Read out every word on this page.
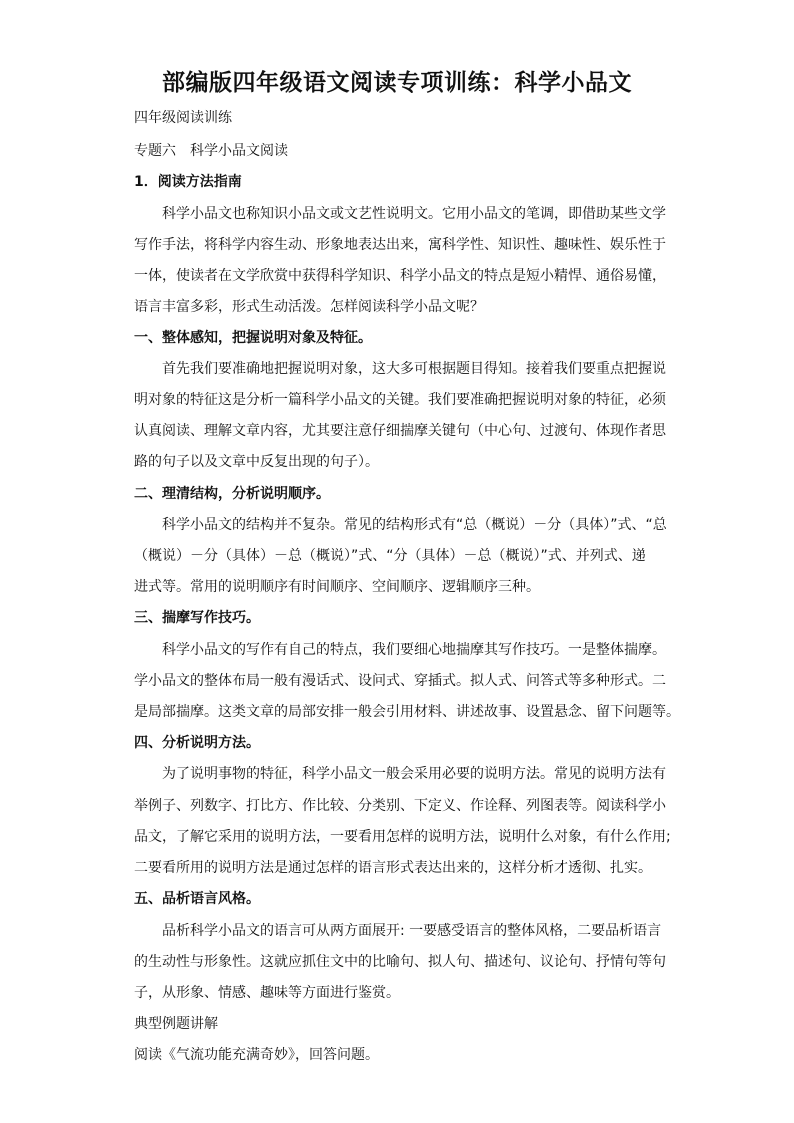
部编版四年级语文阅读专项训练：科学小品文

四年级阅读训练

专题六　科学小品文阅读

1．阅读方法指南

科学小品文也称知识小品文或文艺性说明文。它用小品文的笔调，即借助某些文学

写作手法，将科学内容生动、形象地表达出来，寓科学性、知识性、趣味性、娱乐性于

一体，使读者在文学欣赏中获得科学知识、科学小品文的特点是短小精悍、通俗易懂，

语言丰富多彩，形式生动活泼。怎样阅读科学小品文呢？

一、整体感知，把握说明对象及特征。

首先我们要准确地把握说明对象，这大多可根据题目得知。接着我们要重点把握说

明对象的特征这是分析一篇科学小品文的关键。我们要准确把握说明对象的特征，必须

认真阅读、理解文章内容，尤其要注意仔细揣摩关键句（中心句、过渡句、体现作者思

路的句子以及文章中反复出现的句子）。

二、理清结构，分析说明顺序。

科学小品文的结构并不复杂。常见的结构形式有“总（概说）－分（具体）”式、“总

（概说）－分（具体）－总（概说）”式、“分（具体）－总（概说）”式、并列式、递

进式等。常用的说明顺序有时间顺序、空间顺序、逻辑顺序三种。

三、揣摩写作技巧。

科学小品文的写作有自己的特点，我们要细心地揣摩其写作技巧。一是整体揣摩。

学小品文的整体布局一般有漫话式、设问式、穿插式。拟人式、问答式等多种形式。二

是局部揣摩。这类文章的局部安排一般会引用材料、讲述故事、设置悬念、留下问题等。

四、分析说明方法。

为了说明事物的特征，科学小品文一般会采用必要的说明方法。常见的说明方法有

举例子、列数字、打比方、作比较、分类别、下定义、作诠释、列图表等。阅读科学小

品文，了解它采用的说明方法，一要看用怎样的说明方法，说明什么对象，有什么作用;

二要看所用的说明方法是通过怎样的语言形式表达出来的，这样分析才透彻、扎实。

五、品析语言风格。

品析科学小品文的语言可从两方面展开: 一要感受语言的整体风格，二要品析语言

的生动性与形象性。这就应抓住文中的比喻句、拟人句、描述句、议论句、抒情句等句

子，从形象、情感、趣味等方面进行鉴赏。

典型例题讲解

阅读《气流功能充满奇妙》，回答问题。
